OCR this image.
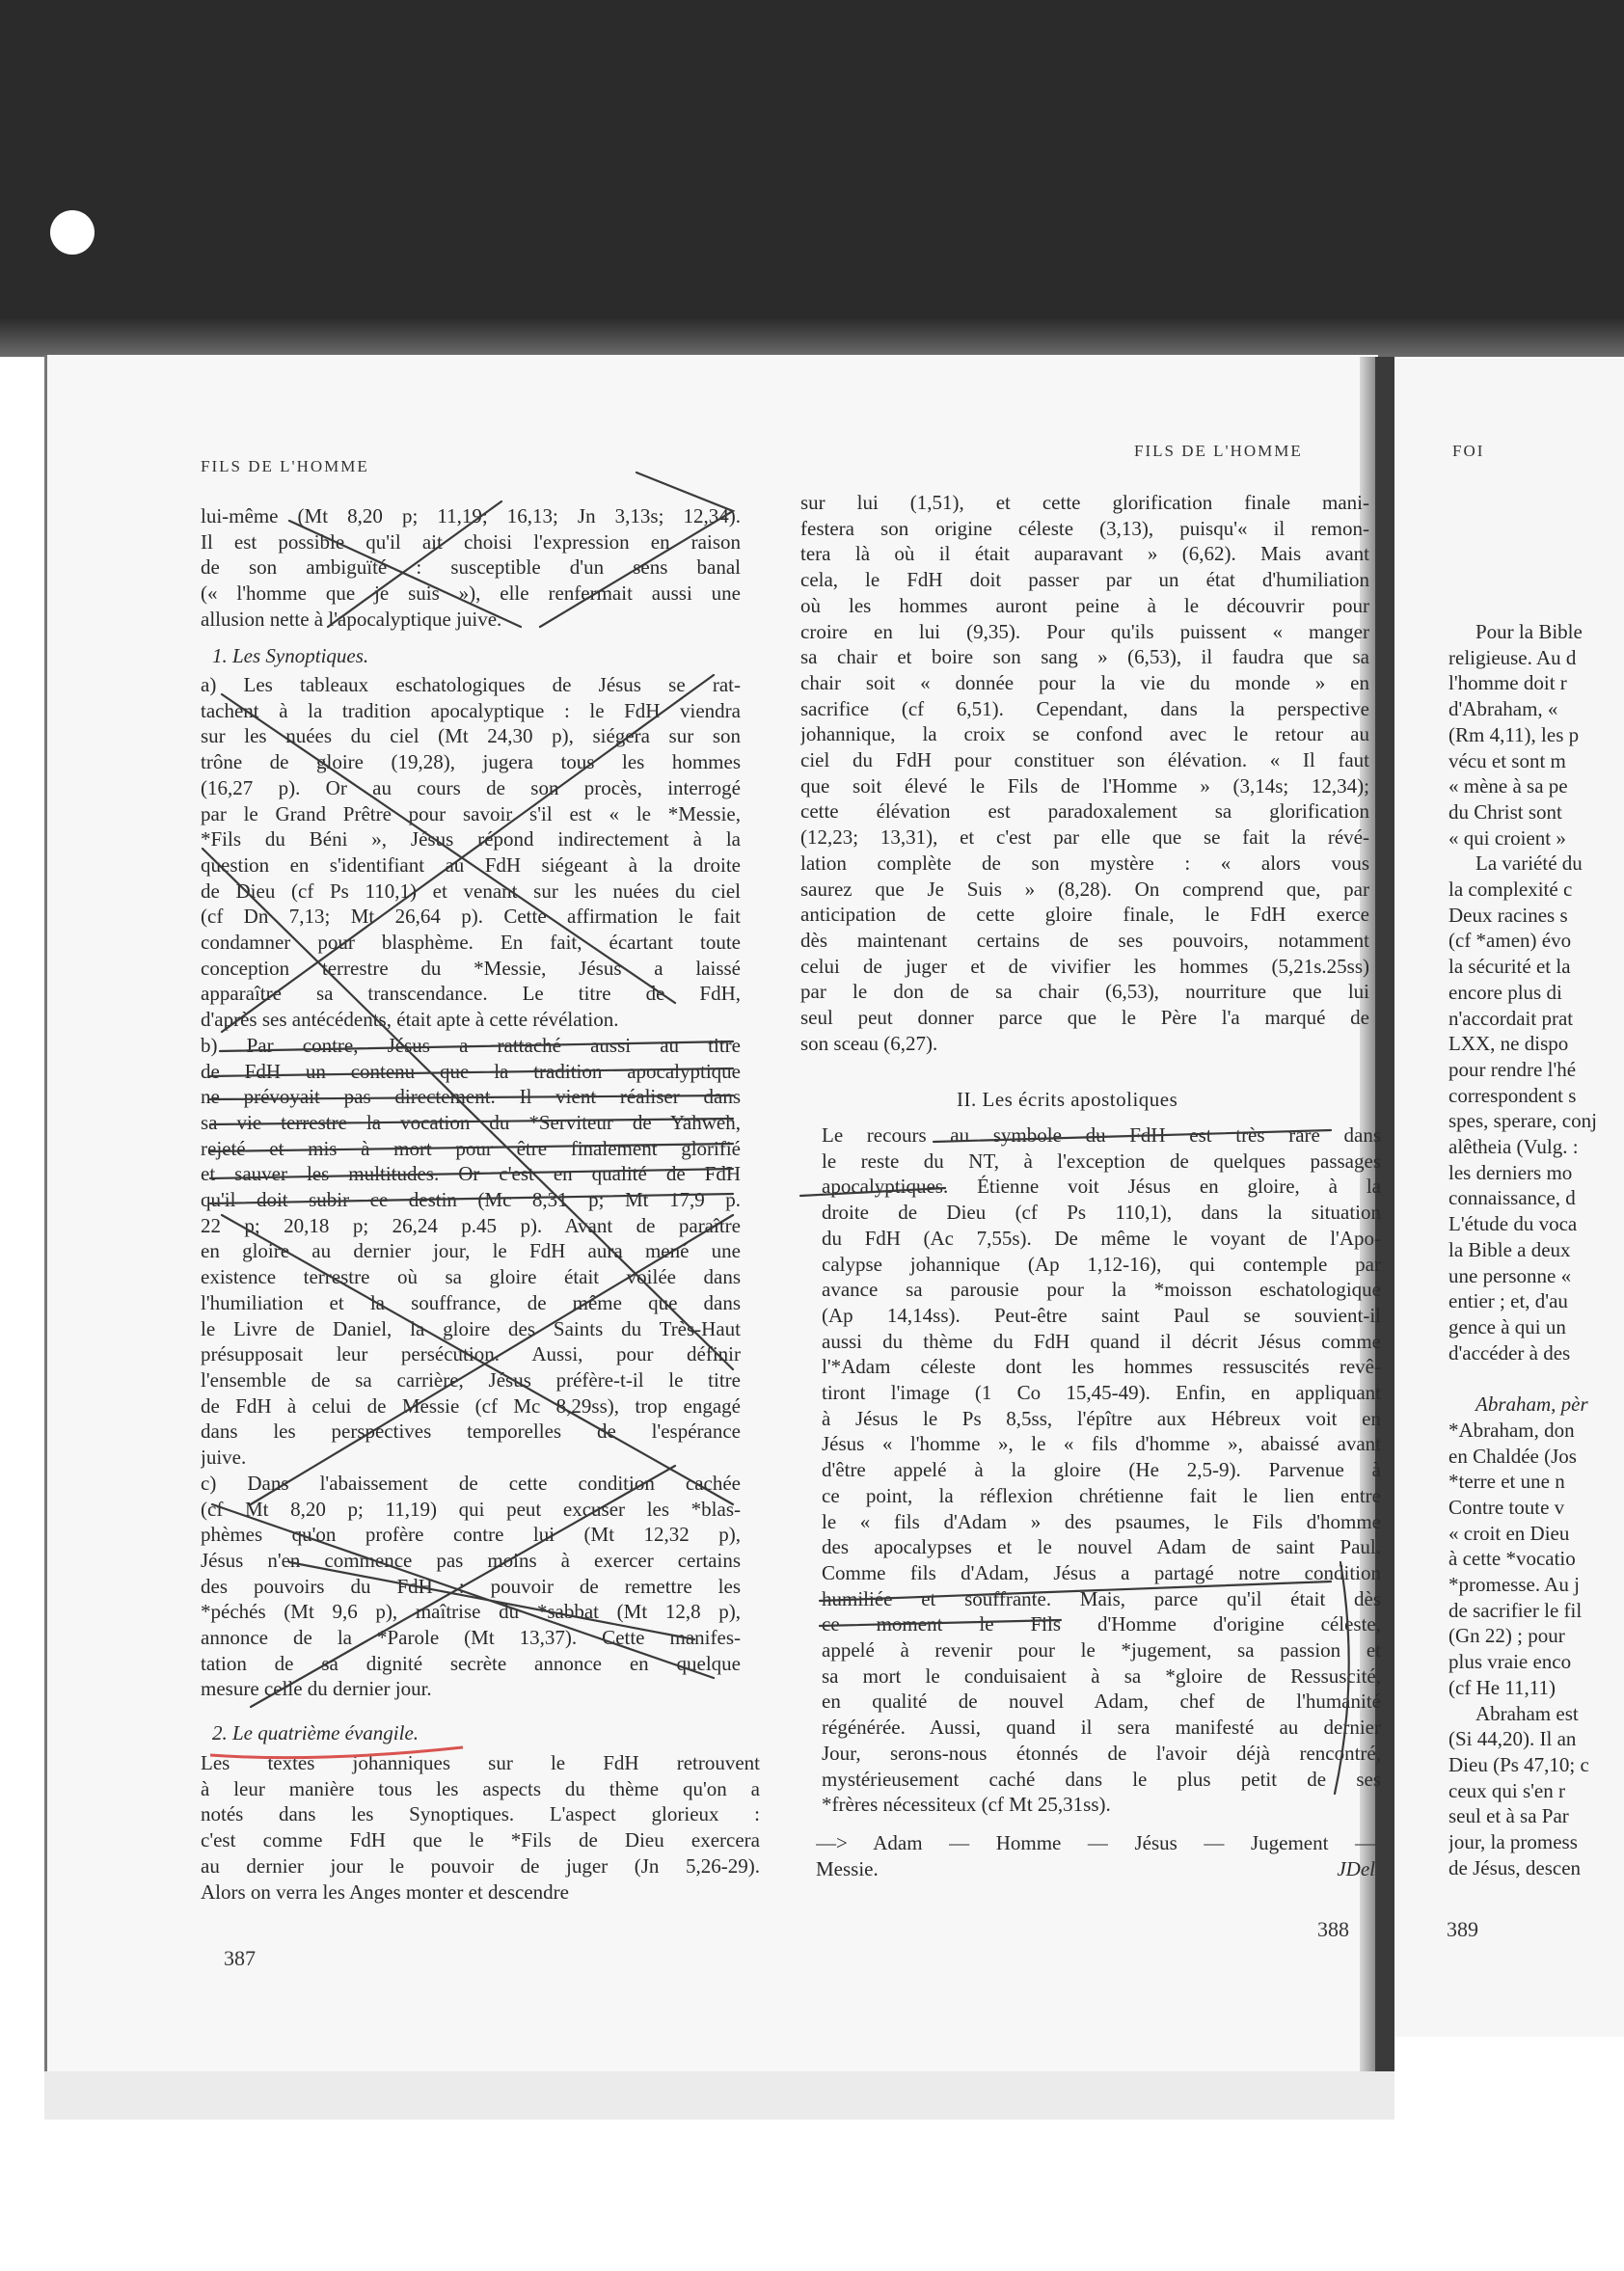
FILS DE L'HOMME
lui-même (Mt 8,20 p; 11,19; 16,13; Jn 3,13s; 12,34).
Il est possible qu'il ait choisi l'expression en raison
de son ambiguïté : susceptible d'un sens banal
(« l'homme que je suis »), elle renfermait aussi une
allusion nette à l'apocalyptique juive.
1. Les Synoptiques.
a) Les tableaux eschatologiques de Jésus se rat-
tachent à la tradition apocalyptique : le FdH viendra
sur les nuées du ciel (Mt 24,30 p), siégera sur son
trône de gloire (19,28), jugera tous les hommes
(16,27 p). Or au cours de son procès, interrogé
par le Grand Prêtre pour savoir s'il est « le *Messie,
*Fils du Béni », Jésus répond indirectement à la
question en s'identifiant au FdH siégeant à la droite
de Dieu (cf Ps 110,1) et venant sur les nuées du ciel
(cf Dn 7,13; Mt 26,64 p). Cette affirmation le fait
condamner pour blasphème. En fait, écartant toute
conception terrestre du *Messie, Jésus a laissé
apparaître sa transcendance. Le titre de FdH,
d'après ses antécédents, était apte à cette révélation.
b) Par contre, Jésus a rattaché aussi au titre
de FdH un contenu que la tradition apocalyptique
ne prévoyait pas directement. Il vient réaliser dans
sa vie terrestre la vocation du *Serviteur de Yahweh,
rejeté et mis à mort pour être finalement glorifié
et sauver les multitudes. Or c'est en qualité de FdH
qu'il doit subir ce destin (Mc 8,31 p; Mt 17,9 p.
22 p; 20,18 p; 26,24 p.45 p). Avant de paraître
en gloire au dernier jour, le FdH aura mené une
existence terrestre où sa gloire était voilée dans
l'humiliation et la souffrance, de même que dans
le Livre de Daniel, la gloire des Saints du Très-Haut
présupposait leur persécution. Aussi, pour définir
l'ensemble de sa carrière, Jésus préfère-t-il le titre
de FdH à celui de Messie (cf Mc 8,29ss), trop engagé
dans les perspectives temporelles de l'espérance
juive.
c) Dans l'abaissement de cette condition cachée
(cf Mt 8,20 p; 11,19) qui peut excuser les *blas-
phèmes qu'on profère contre lui (Mt 12,32 p),
Jésus n'en commence pas moins à exercer certains
des pouvoirs du FdH : pouvoir de remettre les
*péchés (Mt 9,6 p), maîtrise du *sabbat (Mt 12,8 p),
annonce de la *Parole (Mt 13,37). Cette manifes-
tation de sa dignité secrète annonce en quelque
mesure celle du dernier jour.
2. Le quatrième évangile.
Les textes johanniques sur le FdH retrouvent
à leur manière tous les aspects du thème qu'on a
notés dans les Synoptiques. L'aspect glorieux :
c'est comme FdH que le *Fils de Dieu exercera
au dernier jour le pouvoir de juger (Jn 5,26-29).
Alors on verra les Anges monter et descendre
387
FILS DE L'HOMME
sur lui (1,51), et cette glorification finale mani-
festera son origine céleste (3,13), puisqu'« il remon-
tera là où il était auparavant » (6,62). Mais avant
cela, le FdH doit passer par un état d'humiliation
où les hommes auront peine à le découvrir pour
croire en lui (9,35). Pour qu'ils puissent « manger
sa chair et boire son sang » (6,53), il faudra que sa
chair soit « donnée pour la vie du monde » en
sacrifice (cf 6,51). Cependant, dans la perspective
johannique, la croix se confond avec le retour au
ciel du FdH pour constituer son élévation. « Il faut
que soit élevé le Fils de l'Homme » (3,14s; 12,34);
cette élévation est paradoxalement sa glorification
(12,23; 13,31), et c'est par elle que se fait la révé-
lation complète de son mystère : « alors vous
saurez que Je Suis » (8,28). On comprend que, par
anticipation de cette gloire finale, le FdH exerce
dès maintenant certains de ses pouvoirs, notamment
celui de juger et de vivifier les hommes (5,21s.25ss)
par le don de sa chair (6,53), nourriture que lui
seul peut donner parce que le Père l'a marqué de
son sceau (6,27).
II. Les écrits apostoliques
Le recours au symbole du FdH est très rare dans
le reste du NT, à l'exception de quelques passages
apocalyptiques. Étienne voit Jésus en gloire, à la
droite de Dieu (cf Ps 110,1), dans la situation
du FdH (Ac 7,55s). De même le voyant de l'Apo-
calypse johannique (Ap 1,12-16), qui contemple par
avance sa parousie pour la *moisson eschatologique
(Ap 14,14ss). Peut-être saint Paul se souvient-il
aussi du thème du FdH quand il décrit Jésus comme
l'*Adam céleste dont les hommes ressuscités revê-
tiront l'image (1 Co 15,45-49). Enfin, en appliquant
à Jésus le Ps 8,5ss, l'épître aux Hébreux voit en
Jésus « l'homme », le « fils d'homme », abaissé avant
d'être appelé à la gloire (He 2,5-9). Parvenue à
ce point, la réflexion chrétienne fait le lien entre
le « fils d'Adam » des psaumes, le Fils d'homme
des apocalypses et le nouvel Adam de saint Paul.
Comme fils d'Adam, Jésus a partagé notre condition
humiliée et souffrante. Mais, parce qu'il était dès
ce moment le Fils d'Homme d'origine céleste,
appelé à revenir pour le *jugement, sa passion et
sa mort le conduisaient à sa *gloire de Ressuscité,
en qualité de nouvel Adam, chef de l'humanité
régénérée. Aussi, quand il sera manifesté au dernier
Jour, serons-nous étonnés de l'avoir déjà rencontré,
mystérieusement caché dans le plus petit de ses
*frères nécessiteux (cf Mt 25,31ss).
—> Adam — Homme — Jésus — Jugement —
Messie.	JDel
388
FOI
Pour la Bible
religieuse. Au d
l'homme doit r
d'Abraham, «
(Rm 4,11), les p
vécu et sont m
« mène à sa pe
du Christ sont
« qui croient »
La variété du
la complexité c
Deux racines s
(cf *amen) évo
la sécurité et la
encore plus di
n'accordait prat
LXX, ne dispo
pour rendre l'hé
correspondent s
spes, sperare, conj
alêtheia (Vulg. :
les derniers mo
connaissance, d
L'étude du voca
la Bible a deux
une personne «
entier ; et, d'au
gence à qui un
d'accéder à des

Abraham, pèr
*Abraham, don
en Chaldée (Jos
*terre et une n
Contre toute v
« croit en Dieu
à cette *vocatio
*promesse. Au j
de sacrifier le fil
(Gn 22) ; pour
plus vraie enco
(cf He 11,11)
Abraham est
(Si 44,20). Il an
Dieu (Ps 47,10; c
ceux qui s'en r
seul et à sa Par
jour, la promess
de Jésus, descen
389
